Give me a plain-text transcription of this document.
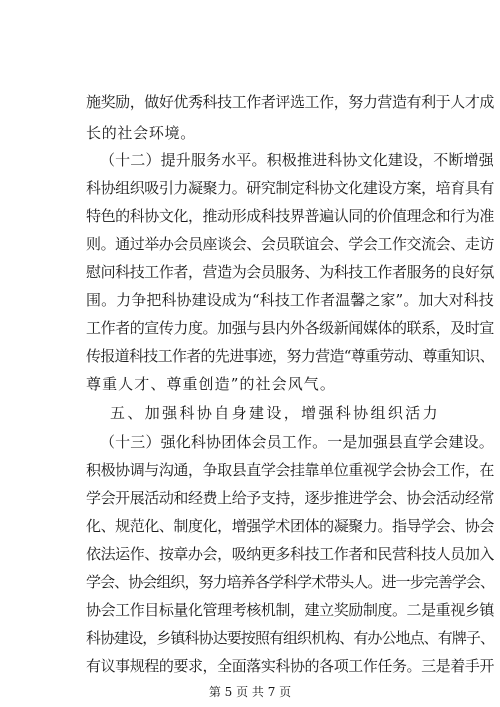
施奖励，做好优秀科技工作者评选工作，努力营造有利于人才成
长的社会环境。
（十二）提升服务水平。积极推进科协文化建设，不断增强
科协组织吸引力凝聚力。研究制定科协文化建设方案，培育具有
特色的科协文化，推动形成科技界普遍认同的价值理念和行为准
则。通过举办会员座谈会、会员联谊会、学会工作交流会、走访
慰问科技工作者，营造为会员服务、为科技工作者服务的良好氛
围。力争把科协建设成为“科技工作者温馨之家”。加大对科技
工作者的宣传力度。加强与县内外各级新闻媒体的联系，及时宣
传报道科技工作者的先进事迹，努力营造“尊重劳动、尊重知识、
尊重人才、尊重创造”的社会风气。
五、加强科协自身建设，增强科协组织活力
（十三）强化科协团体会员工作。一是加强县直学会建设。
积极协调与沟通，争取县直学会挂靠单位重视学会协会工作，在
学会开展活动和经费上给予支持，逐步推进学会、协会活动经常
化、规范化、制度化，增强学术团体的凝聚力。指导学会、协会
依法运作、按章办会，吸纳更多科技工作者和民营科技人员加入
学会、协会组织，努力培养各学科学术带头人。进一步完善学会、
协会工作目标量化管理考核机制，建立奖励制度。二是重视乡镇
科协建设，乡镇科协达要按照有组织机构、有办公地点、有牌子、
有议事规程的要求，全面落实科协的各项工作任务。三是着手开
第 5 页 共 7 页
